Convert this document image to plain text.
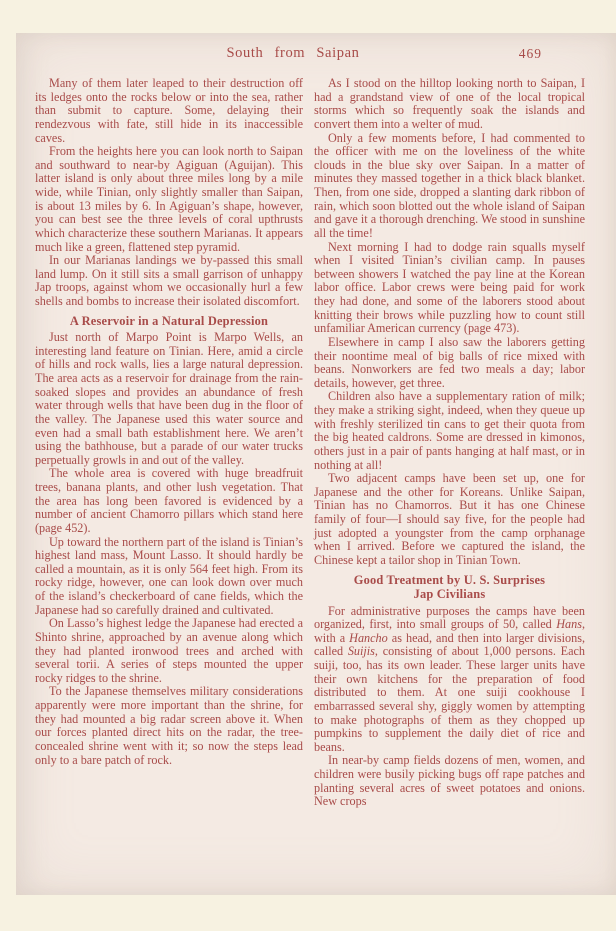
South from Saipan	469

Many of them later leaped to their destruction off its ledges onto the rocks below or into the sea, rather than submit to capture. Some, delaying their rendezvous with fate, still hide in its inaccessible caves.

From the heights here you can look north to Saipan and southward to near-by Agiguan (Aguijan). This latter island is only about three miles long by a mile wide, while Tinian, only slightly smaller than Saipan, is about 13 miles by 6. In Agiguan’s shape, however, you can best see the three levels of coral upthrusts which characterize these southern Marianas. It appears much like a green, flattened step pyramid.

In our Marianas landings we by-passed this small land lump. On it still sits a small garrison of unhappy Jap troops, against whom we occasionally hurl a few shells and bombs to increase their isolated discomfort.

A Reservoir in a Natural Depression

Just north of Marpo Point is Marpo Wells, an interesting land feature on Tinian. Here, amid a circle of hills and rock walls, lies a large natural depression. The area acts as a reservoir for drainage from the rain-soaked slopes and provides an abundance of fresh water through wells that have been dug in the floor of the valley. The Japanese used this water source and even had a small bath establishment here. We aren’t using the bathhouse, but a parade of our water trucks perpetually growls in and out of the valley.

The whole area is covered with huge breadfruit trees, banana plants, and other lush vegetation. That the area has long been favored is evidenced by a number of ancient Chamorro pillars which stand here (page 452).

Up toward the northern part of the island is Tinian’s highest land mass, Mount Lasso. It should hardly be called a mountain, as it is only 564 feet high. From its rocky ridge, however, one can look down over much of the island’s checkerboard of cane fields, which the Japanese had so carefully drained and cultivated.

On Lasso’s highest ledge the Japanese had erected a Shinto shrine, approached by an avenue along which they had planted ironwood trees and arched with several torii. A series of steps mounted the upper rocky ridges to the shrine.

To the Japanese themselves military considerations apparently were more important than the shrine, for they had mounted a big radar screen above it. When our forces planted direct hits on the radar, the tree-concealed shrine went with it; so now the steps lead only to a bare patch of rock.

As I stood on the hilltop looking north to Saipan, I had a grandstand view of one of the local tropical storms which so frequently soak the islands and convert them into a welter of mud.

Only a few moments before, I had commented to the officer with me on the loveliness of the white clouds in the blue sky over Saipan. In a matter of minutes they massed together in a thick black blanket. Then, from one side, dropped a slanting dark ribbon of rain, which soon blotted out the whole island of Saipan and gave it a thorough drenching. We stood in sunshine all the time!

Next morning I had to dodge rain squalls myself when I visited Tinian’s civilian camp. In pauses between showers I watched the pay line at the Korean labor office. Labor crews were being paid for work they had done, and some of the laborers stood about knitting their brows while puzzling how to count still unfamiliar American currency (page 473).

Elsewhere in camp I also saw the laborers getting their noontime meal of big balls of rice mixed with beans. Nonworkers are fed two meals a day; labor details, however, get three.

Children also have a supplementary ration of milk; they make a striking sight, indeed, when they queue up with freshly sterilized tin cans to get their quota from the big heated caldrons. Some are dressed in kimonos, others just in a pair of pants hanging at half mast, or in nothing at all!

Two adjacent camps have been set up, one for Japanese and the other for Koreans. Unlike Saipan, Tinian has no Chamorros. But it has one Chinese family of four—I should say five, for the people had just adopted a youngster from the camp orphanage when I arrived. Before we captured the island, the Chinese kept a tailor shop in Tinian Town.

Good Treatment by U. S. Surprises
Jap Civilians

For administrative purposes the camps have been organized, first, into small groups of 50, called Hans, with a Hancho as head, and then into larger divisions, called Suijis, consisting of about 1,000 persons. Each suiji, too, has its own leader. These larger units have their own kitchens for the preparation of food distributed to them. At one suiji cookhouse I embarrassed several shy, giggly women by attempting to make photographs of them as they chopped up pumpkins to supplement the daily diet of rice and beans.

In near-by camp fields dozens of men, women, and children were busily picking bugs off rape patches and planting several acres of sweet potatoes and onions. New crops
